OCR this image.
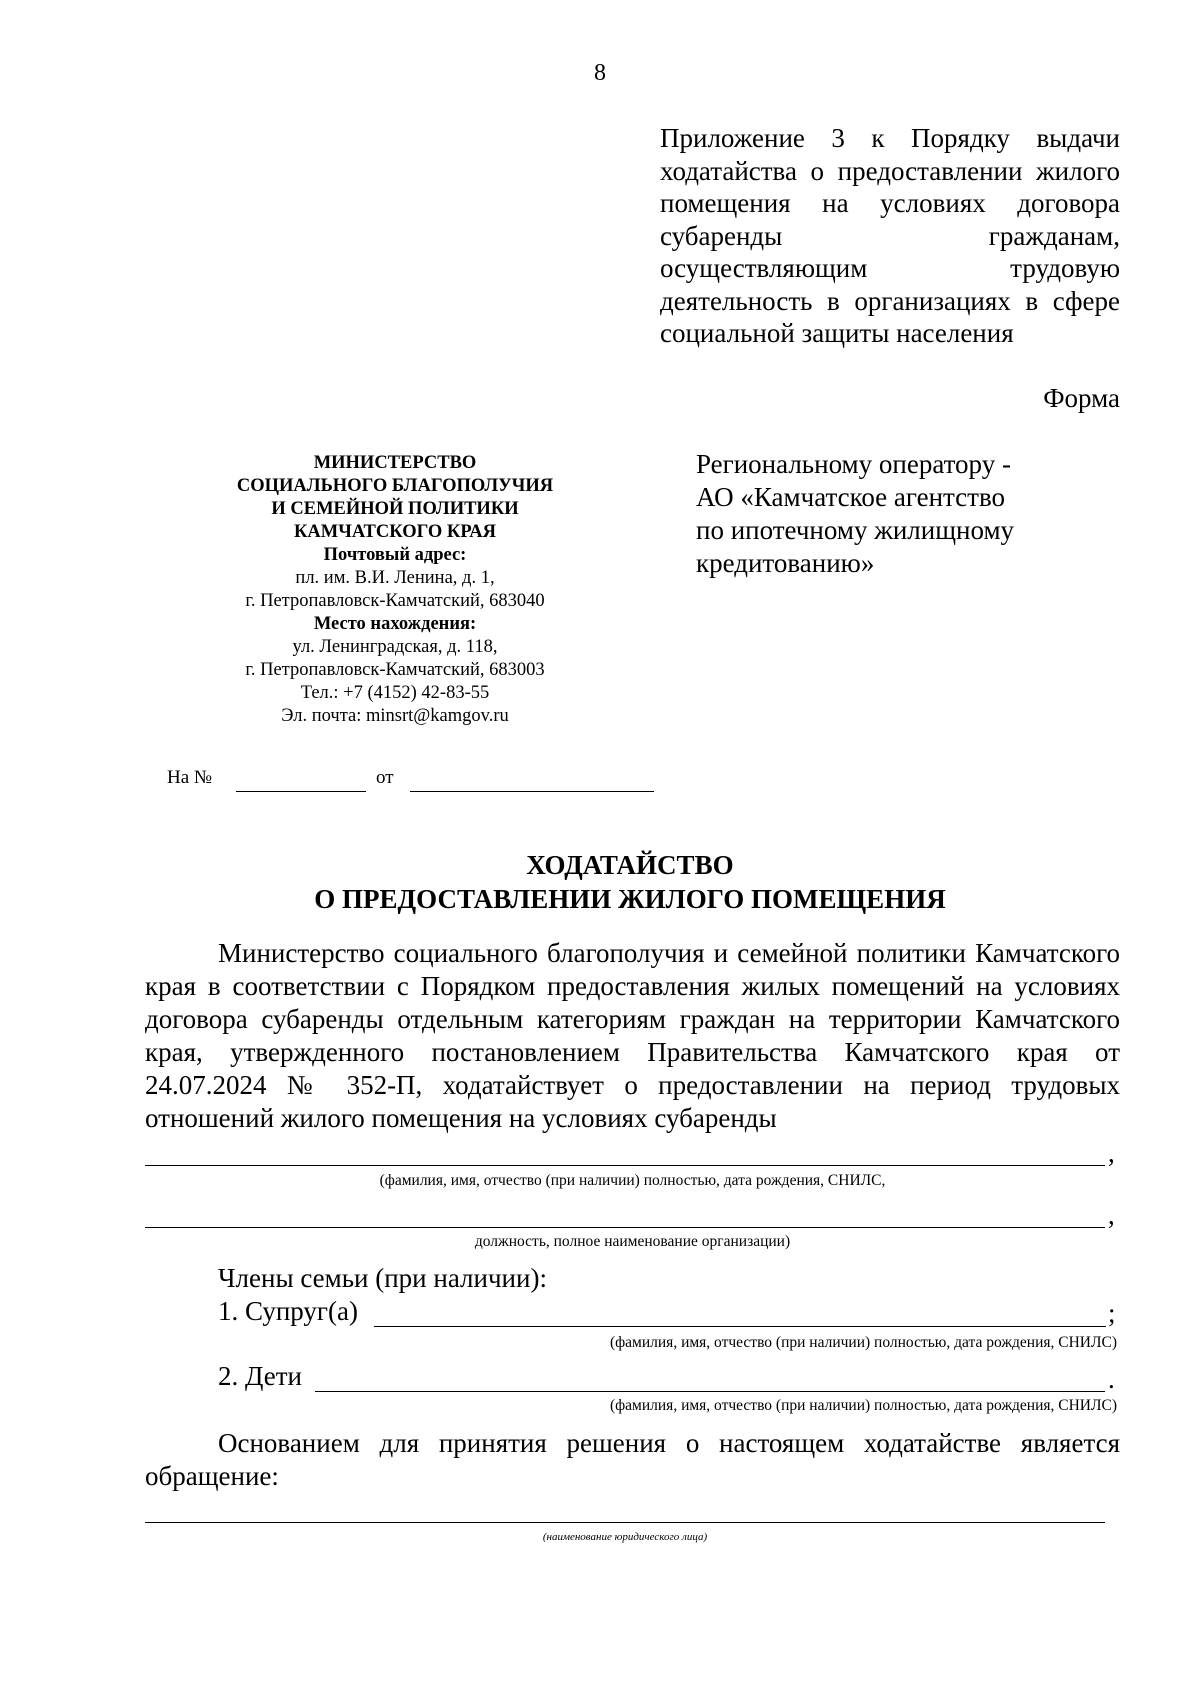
8
Приложение 3 к Порядку выдачи ходатайства о предоставлении жилого помещения на условиях договора субаренды гражданам, осуществляющим трудовую деятельность в организациях в сфере социальной защиты населения
Форма
МИНИСТЕРСТВО
СОЦИАЛЬНОГО БЛАГОПОЛУЧИЯ
И СЕМЕЙНОЙ ПОЛИТИКИ
КАМЧАТСКОГО КРАЯ
Почтовый адрес:
пл. им. В.И. Ленина, д. 1,
г. Петропавловск-Камчатский, 683040
Место нахождения:
ул. Ленинградская, д. 118,
г. Петропавловск-Камчатский, 683003
Тел.: +7 (4152) 42-83-55
Эл. почта: minsrt@kamgov.ru
Региональному оператору -
АО «Камчатское агентство
по ипотечному жилищному
кредитованию»
На №	от
ХОДАТАЙСТВО
О ПРЕДОСТАВЛЕНИИ ЖИЛОГО ПОМЕЩЕНИЯ
Министерство социального благополучия и семейной политики Камчатского края в соответствии с Порядком предоставления жилых помещений на условиях договора субаренды отдельным категориям граждан на территории Камчатского края, утвержденного постановлением Правительства Камчатского края от 24.07.2024 № 352-П, ходатайствует о предоставлении на период трудовых отношений жилого помещения на условиях субаренды
,
(фамилия, имя, отчество (при наличии) полностью, дата рождения, СНИЛС,
,
должность, полное наименование организации)
Члены семьи (при наличии):
1. Супруг(а)	;
(фамилия, имя, отчество (при наличии) полностью, дата рождения, СНИЛС)
2. Дети	.
(фамилия, имя, отчество (при наличии) полностью, дата рождения, СНИЛС)
Основанием для принятия решения о настоящем ходатайстве является
обращение:
(наименование юридического лица)
